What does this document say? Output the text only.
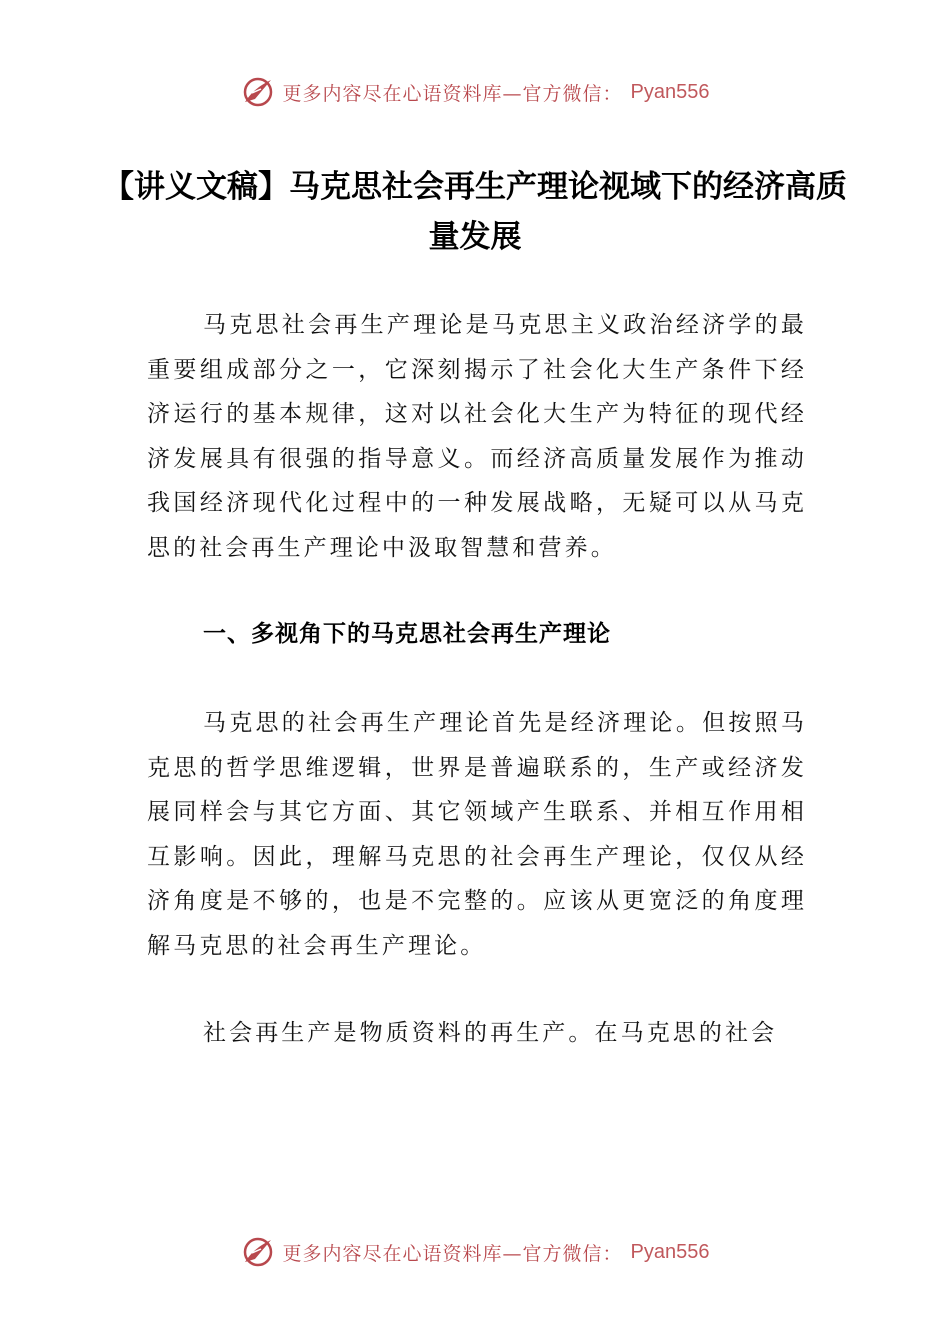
更多内容尽在心语资料库—官方微信： Pyan556
【讲义文稿】马克思社会再生产理论视域下的经济高质量发展

马克思社会再生产理论是马克思主义政治经济学的最重要组成部分之一，它深刻揭示了社会化大生产条件下经济运行的基本规律，这对以社会化大生产为特征的现代经济发展具有很强的指导意义。而经济高质量发展作为推动我国经济现代化过程中的一种发展战略，无疑可以从马克思的社会再生产理论中汲取智慧和营养。

一、多视角下的马克思社会再生产理论

马克思的社会再生产理论首先是经济理论。但按照马克思的哲学思维逻辑，世界是普遍联系的，生产或经济发展同样会与其它方面、其它领域产生联系、并相互作用相互影响。因此，理解马克思的社会再生产理论，仅仅从经济角度是不够的，也是不完整的。应该从更宽泛的角度理解马克思的社会再生产理论。

社会再生产是物质资料的再生产。在马克思的社会

更多内容尽在心语资料库—官方微信： Pyan556
